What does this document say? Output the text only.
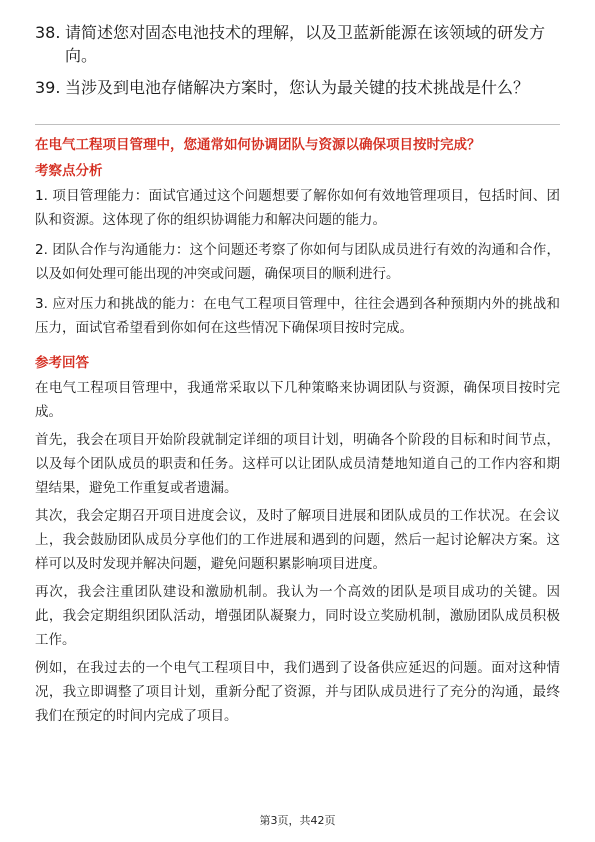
38. 请简述您对固态电池技术的理解，以及卫蓝新能源在该领域的研发方向。
39. 当涉及到电池存储解决方案时，您认为最关键的技术挑战是什么？

在电气工程项目管理中，您通常如何协调团队与资源以确保项目按时完成？

考察点分析

1. 项目管理能力：面试官通过这个问题想要了解你如何有效地管理项目，包括时间、团队和资源。这体现了你的组织协调能力和解决问题的能力。

2. 团队合作与沟通能力：这个问题还考察了你如何与团队成员进行有效的沟通和合作，以及如何处理可能出现的冲突或问题，确保项目的顺利进行。

3. 应对压力和挑战的能力：在电气工程项目管理中，往往会遇到各种预期内外的挑战和压力，面试官希望看到你如何在这些情况下确保项目按时完成。

参考回答

在电气工程项目管理中，我通常采取以下几种策略来协调团队与资源，确保项目按时完成。

首先，我会在项目开始阶段就制定详细的项目计划，明确各个阶段的目标和时间节点，以及每个团队成员的职责和任务。这样可以让团队成员清楚地知道自己的工作内容和期望结果，避免工作重复或者遗漏。

其次，我会定期召开项目进度会议，及时了解项目进展和团队成员的工作状况。在会议上，我会鼓励团队成员分享他们的工作进展和遇到的问题，然后一起讨论解决方案。这样可以及时发现并解决问题，避免问题积累影响项目进度。

再次，我会注重团队建设和激励机制。我认为一个高效的团队是项目成功的关键。因此，我会定期组织团队活动，增强团队凝聚力，同时设立奖励机制，激励团队成员积极工作。

例如，在我过去的一个电气工程项目中，我们遇到了设备供应延迟的问题。面对这种情况，我立即调整了项目计划，重新分配了资源，并与团队成员进行了充分的沟通，最终我们在预定的时间内完成了项目。

第3页，共42页
